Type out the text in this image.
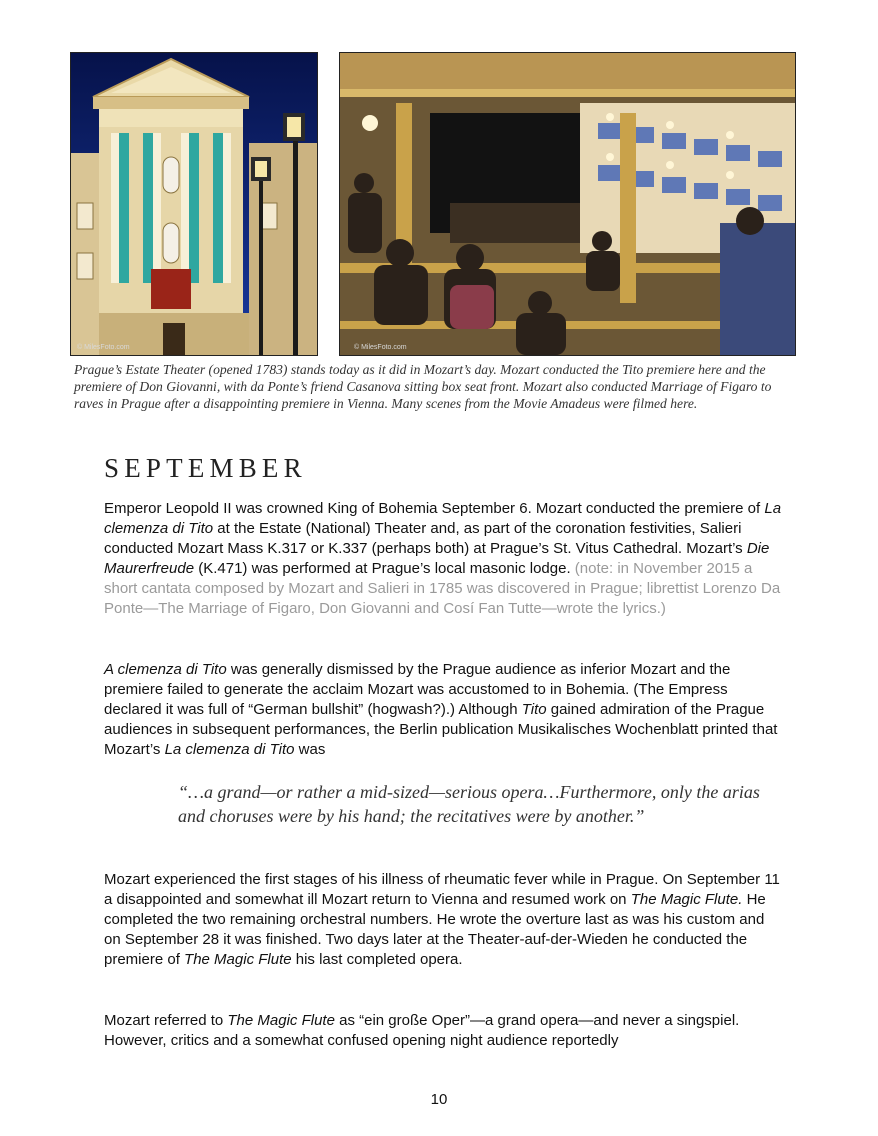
© MilesFoto.com	© MilesFoto.com
Prague’s Estate Theater (opened 1783) stands today as it did in Mozart’s day. Mozart conducted the Tito premiere here and the premiere of Don Giovanni, with da Ponte’s friend Casanova sitting box seat front. Mozart also conducted Marriage of Figaro to raves in Prague after a disappointing premiere in Vienna. Many scenes from the Movie Amadeus were filmed here.
SEPTEMBER
Emperor Leopold II was crowned King of Bohemia September 6. Mozart conducted the premiere of La clemenza di Tito at the Estate (National) Theater and, as part of the coronation festivities, Salieri conducted Mozart Mass K.317 or K.337 (perhaps both) at Prague’s St. Vitus Cathedral. Mozart’s Die Maurerfreude (K.471) was performed at Prague’s local masonic lodge. (note: in November 2015 a short cantata composed by Mozart and Salieri in 1785 was discovered in Prague; librettist Lorenzo Da Ponte—The Marriage of Figaro, Don Giovanni and Cosí Fan Tutte—wrote the lyrics.)
A clemenza di Tito was generally dismissed by the Prague audience as inferior Mozart and the premiere failed to generate the acclaim Mozart was accustomed to in Bohemia. (The Empress declared it was full of “German bullshit” (hogwash?).) Although Tito gained admiration of the Prague audiences in subsequent performances, the Berlin publication Musikalisches Wochenblatt printed that Mozart’s La clemenza di Tito was
“…a grand—or rather a mid-sized—serious opera…Furthermore, only the arias and choruses were by his hand; the recitatives were by another.”
Mozart experienced the first stages of his illness of rheumatic fever while in Prague. On September 11 a disappointed and somewhat ill Mozart return to Vienna and resumed work on The Magic Flute. He completed the two remaining orchestral numbers. He wrote the overture last as was his custom and on September 28 it was finished. Two days later at the Theater-auf-der-Wieden he conducted the premiere of The Magic Flute his last completed opera.
Mozart referred to The Magic Flute as “ein große Oper”—a grand opera—and never a singspiel. However, critics and a somewhat confused opening night audience reportedly
10
